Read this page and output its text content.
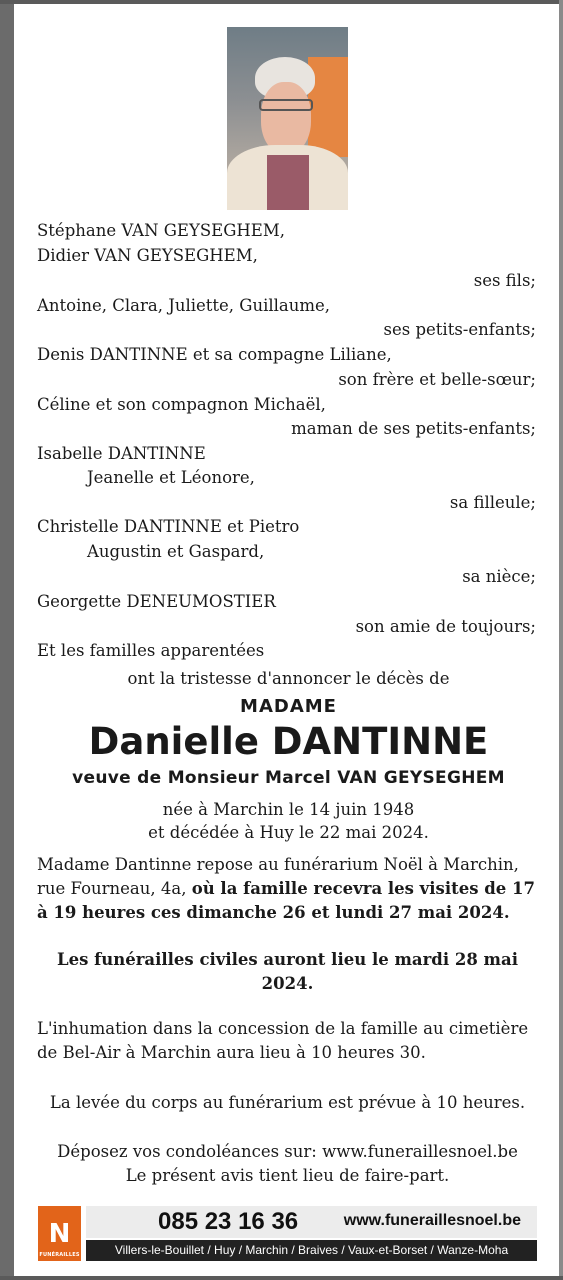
Stéphane VAN GEYSEGHEM,
Didier VAN GEYSEGHEM,
ses fils;
Antoine, Clara, Juliette, Guillaume,
ses petits-enfants;
Denis DANTINNE et sa compagne Liliane,
son frère et belle-sœur;
Céline et son compagnon Michaël,
maman de ses petits-enfants;
Isabelle DANTINNE
Jeanelle et Léonore,
sa filleule;
Christelle DANTINNE et Pietro
Augustin et Gaspard,
sa nièce;
Georgette DENEUMOSTIER
son amie de toujours;
Et les familles apparentées
ont la tristesse d'annoncer le décès de
MADAME
Danielle DANTINNE
veuve de Monsieur Marcel VAN GEYSEGHEM
née à Marchin le 14 juin 1948
et décédée à Huy le 22 mai 2024.
Madame Dantinne repose au funérarium Noël à Marchin, rue Fourneau, 4a, où la famille recevra les visites de 17 à 19 heures ces dimanche 26 et lundi 27 mai 2024.
Les funérailles civiles auront lieu le mardi 28 mai 2024.
L'inhumation dans la concession de la famille au cimetière de Bel-Air à Marchin aura lieu à 10 heures 30.
La levée du corps au funérarium est prévue à 10 heures.
Déposez vos condoléances sur: www.funeraillesnoel.be
Le présent avis tient lieu de faire-part.
N
FUNÉRAILLES
085 23 16 36	www.funeraillesnoel.be
Villers-le-Bouillet / Huy / Marchin / Braives / Vaux-et-Borset / Wanze-Moha
